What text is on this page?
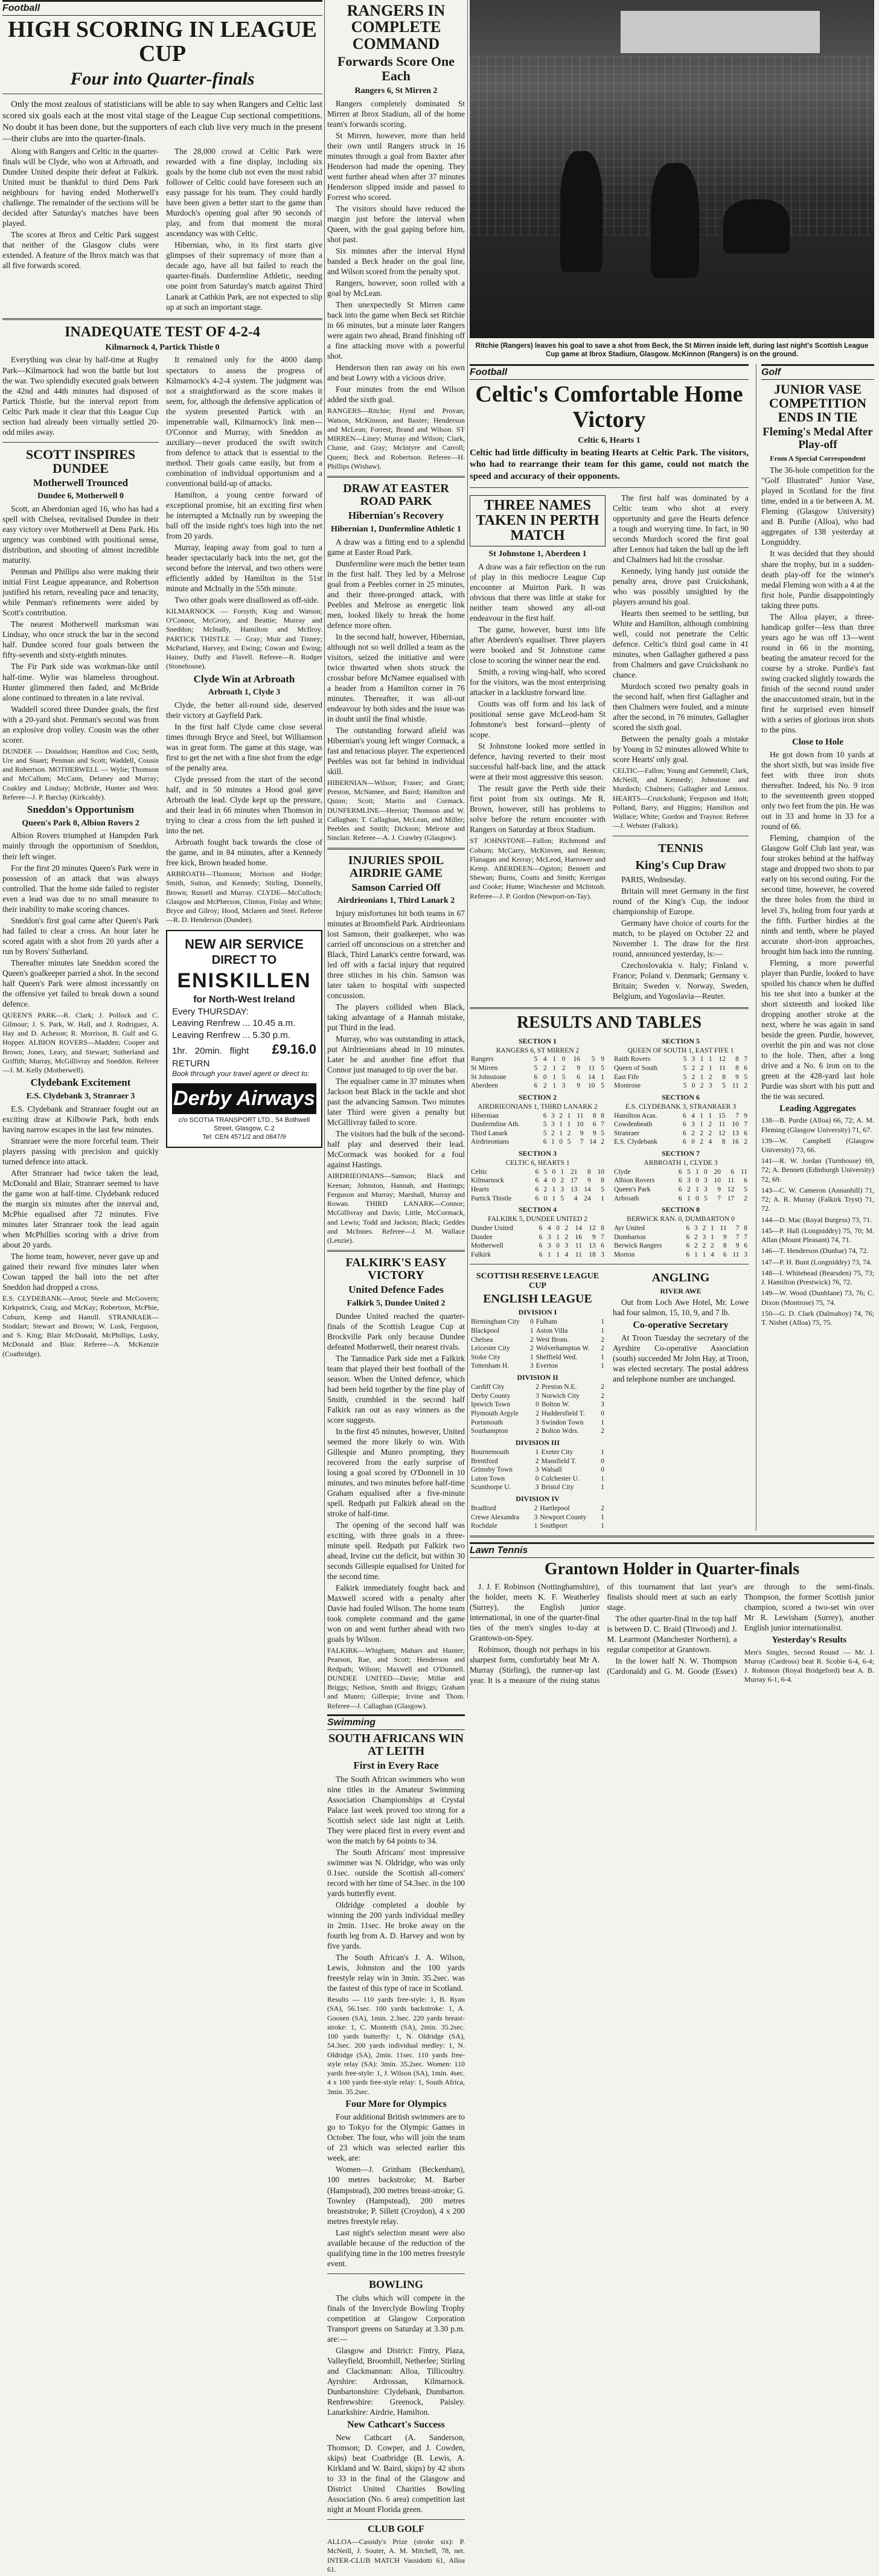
Football
HIGH SCORING IN LEAGUE CUP
Four into Quarter-finals

Only the most zealous of statisticians will be able to say when Rangers and Celtic last scored six goals each at the most vital stage of the League Cup sectional competitions. No doubt it has been done, but the supporters of each club live very much in the present—their clubs are into the quarter-finals.

Along with Rangers and Celtic in the quarter-finals will be Clyde, who won at Arbroath, and Dundee United despite their defeat at Falkirk. United must be thankful to third Dens Park neighbours for having ended Motherwell's challenge. The remainder of the sections will be decided after Saturday's matches have been played.

The scores at Ibrox and Celtic Park suggest that neither of the Glasgow clubs were extended. A feature of the Ibrox match was that all five forwards scored.

The 28,000 crowd at Celtic Park were rewarded with a fine display, including six goals by the home club not even the most rabid follower of Celtic could have foreseen such an easy passage for his team. They could hardly have been given a better start to the game than Murdoch's opening goal after 90 seconds of play, and from that moment the moral ascendancy was with Celtic.

Hibernian, who, in its first starts give glimpses of their supremacy of more than a decade ago, have all but failed to reach the quarter-finals. Dunfermline Athletic, needing one point from Saturday's match against Third Lanark at Cathkin Park, are not expected to slip up at such an important stage.

INADEQUATE TEST OF 4-2-4
Kilmarnock 4, Partick Thistle 0

Everything was clear by half-time at Rugby Park—Kilmarnock had won the battle but lost the war. Two splendidly executed goals between the 42nd and 44th minutes had disposed of Partick Thistle, but the interval report from Celtic Park made it clear that this League Cup section had already been virtually settled 20-odd miles away.

SCOTT INSPIRES DUNDEE
Motherwell Trounced
Dundee 6, Motherwell 0

Scott, an Aberdonian aged 16, who has had a spell with Chelsea, revitalised Dundee in their easy victory over Motherwell at Dens Park. His urgency was combined with positional sense, distribution, and shooting of almost incredible maturity.

Penman and Phillips also were making their initial First League appearance, and Robertson justified his return, revealing pace and tenacity, while Penman's refinements were aided by Scott's contribution.

The nearest Motherwell marksman was Lindsay, who once struck the bar in the second half. Dundee scored four goals between the fifty-seventh and sixty-eighth minutes.

The Fir Park side was workman-like until half-time. Wylie was blameless throughout. Hunter glimmered then faded, and McBride alone continued to threaten in a late revival.

Waddell scored three Dundee goals, the first with a 20-yard shot. Penman's second was from an explosive drop volley. Cousin was the other scorer.

DUNDEE — Donaldson; Hamilton and Cox; Seith, Ure and Stuart; Penman and Scott; Waddell, Cousin and Robertson. MOTHERWELL — Wylie; Thomson and McCallum; McCann, Delaney and Murray; Coakley and Lindsay; McBride, Hunter and Weir. Referee—J. P. Barclay (Kirkcaldy).

Sneddon's Opportunism
Queen's Park 0, Albion Rovers 2

Albion Rovers triumphed at Hampden Park mainly through the opportunism of Sneddon, their left winger.

For the first 20 minutes Queen's Park were in possession of an attack that was always controlled. That the home side failed to register even a lead was due to no small measure to their inability to make scoring chances.

Sneddon's first goal came after Queen's Park had failed to clear a cross. An hour later he scored again with a shot from 20 yards after a run by Rovers' Sutherland.

Thereafter minutes late Sneddon scored the Queen's goalkeeper parried a shot. In the second half Queen's Park were almost incessantly on the offensive yet failed to break down a sound defence.

QUEEN'S PARK—R. Clark; J. Pollock and C. Gilmour; J. S. Park, W. Hall, and J. Rodriguez, A. Hay and D. Acheson; R. Morrison, B. Gulf and G. Hopper. ALBION ROVERS—Madden; Cooper and Brown; Jones, Leary, and Stewart; Sutherland and Griffith; Murray, McGillivray and Sneddon. Referee—J. M. Kelly (Motherwell).

Clydebank Excitement
E.S. Clydebank 3, Stranraer 3

E.S. Clydebank and Stranraer fought out an exciting draw at Kilbowie Park, both ends having narrow escapes in the last few minutes.

Stranraer were the more forceful team. Their players passing with precision and quickly turned defence into attack.

After Stranraer had twice taken the lead, McDonald and Blair, Stranraer seemed to have the game won at half-time. Clydebank reduced the margin six minutes after the interval and, McPhie equalised after 72 minutes. Five minutes later Stranraer took the lead again when McPhillies scoring with a drive from about 20 yards.

The home team, however, never gave up and gained their reward five minutes later when Cowan tapped the ball into the net after Sneddon had dropped a cross.

E.S. CLYDEBANK—Arnot; Steele and McGovern; Kirkpatrick, Craig, and McKay; Robertson, McPhie, Coburn, Kemp and Hamill. STRANRAER—Stoddart; Stewart and Brown; W. Lusk, Ferguson, and S. King; Blair McDonald, McPhillips, Lusky, McDonald and Blair. Referee—A. McKenzie (Coatbridge).

It remained only for the 4000 damp spectators to assess the progress of Kilmarnock's 4-2-4 system. The judgment was not a straightforward as the score makes it seem, for, although the defensive application of the system presented Partick with an impenetrable wall, Kilmarnock's link men—O'Connor and Murray, with Sneddon as auxiliary—never produced the swift switch from defence to attack that is essential to the method. Their goals came easily, but from a combination of individual opportunism and a conventional build-up of attacks.

Hamilton, a young centre forward of exceptional promise, hit an exciting first when he interrupted a McInally run by sweeping the ball off the inside right's toes high into the net from 20 yards.

Murray, leaping away from goal to turn a header spectacularly back into the net, got the second before the interval, and two others were efficiently added by Hamilton in the 51st minute and McInally in the 55th minute.

Two other goals were disallowed as off-side.

KILMARNOCK — Forsyth; King and Watson; O'Connor, McGrory, and Beattie; Murray and Sneddon; McInally, Hamilton and McIlroy. PARTICK THISTLE — Gray; Muir and Tinney; McParland, Harvey, and Ewing; Cowan and Ewing; Hainey, Duffy and Flavell. Referee—R. Rodger (Stonehouse).

Clyde Win at Arbroath
Arbroath 1, Clyde 3

Clyde, the better all-round side, deserved their victory at Gayfield Park.

In the first half Clyde came close several times through Bryce and Steel, but Williamson was in great form. The game at this stage, was first to get the net with a fine shot from the edge of the penalty area.

Clyde pressed from the start of the second half, and in 50 minutes a Hood goal gave Arbroath the lead. Clyde kept up the pressure, and their lead in 66 minutes when Thomson in trying to clear a cross from the left pushed it into the net.

Arbroath fought back towards the close of the game, and in 84 minutes, after a Kennedy free kick, Brown headed home.

ARBROATH—Thomson; Morison and Hodge; Smith, Sutton, and Kennedy; Stirling, Donnelly, Brown; Russell and Murray. CLYDE—McCulloch; Glasgow and McPherson, Clinton, Finlay and White; Bryce and Gilroy; Hood, Mclaren and Steel. Referee—R. D. Henderson (Dundee).

NEW AIR SERVICE
DIRECT TO
ENISKILLEN
for North-West Ireland
Every THURSDAY:
Leaving Renfrew ... 10.45 a.m.
Leaving Renfrew ... 5.30 p.m.
1hr. 20min. flight £9.16.0 RETURN
Book through your travel agent or direct to:
Derby Airways
c/o SCOTIA TRANSPORT LTD., 54 Bothwell Street, Glasgow, C.2
Tel: CEN 4571/2 and 0847/9
RANGERS IN COMPLETE COMMAND
Forwards Score One Each
Rangers 6, St Mirren 2

Rangers completely dominated St Mirren at Ibrox Stadium, all of the home team's forwards scoring.

St Mirren, however, more than held their own until Rangers struck in 16 minutes through a goal from Baxter after Henderson had made the opening. They went further ahead when after 37 minutes Henderson slipped inside and passed to Forrest who scored.

The visitors should have reduced the margin just before the interval when Queen, with the goal gaping before him, shot past.

Six minutes after the interval Hynd banded a Beck header on the goal line, and Wilson scored from the penalty spot.

Rangers, however, soon rolled with a goal by McLean.

Then unexpectedly St Mirren came back into the game when Beck set Ritchie in 66 minutes, but a minute later Rangers were again two ahead, Brand finishing off a fine attacking move with a powerful shot.

Henderson then ran away on his own and beat Lowry with a vicious drive.

Four minutes from the end Wilson added the sixth goal.

RANGERS—Ritchie; Hynd and Provan; Watson, McKinnon, and Baxter; Henderson and McLean; Forrest; Brand and Wilson. ST MIRREN—Liney; Murray and Wilson; Clark, Clunie, and Gray; McIntyre and Carroll; Queen; Beck and Robertson. Referee—H. Phillips (Wishaw).

DRAW AT EASTER ROAD PARK
Hibernian's Recovery
Hibernian 1, Dunfermline Athletic 1

A draw was a fitting end to a splendid game at Easter Road Park.

Dunfermline were much the better team in the first half. They led by a Melrose goal from a Peebles corner in 25 minutes, and their three-pronged attack, with Peebles and Melrose as energetic link men, looked likely to break the home defence more often.

In the second half, however, Hibernian, although not so well drilled a team as the visitors, seized the initiative and were twice thwarted when shots struck the crossbar before McNamee equalised with a header from a Hamilton corner in 76 minutes. Thereafter, it was all-out endeavour by both sides and the issue was in doubt until the final whistle.

The outstanding forward afield was Hibernian's young left winger Cormack, a fast and tenacious player. The experienced Peebles was not far behind in individual skill.

HIBERNIAN—Wilson; Fraser; and Grant; Preston, McNamee, and Baird; Hamilton and Quinn; Scott; Martin and Cormack. DUNFERMLINE—Herriot; Thomson and W. Callaghan; T. Callaghan, McLean, and Miller; Peebles and Smith; Dickson; Melrose and Sinclair. Referee—A. J. Crawley (Glasgow).

INJURIES SPOIL AIRDRIE GAME
Samson Carried Off
Airdrieonians 1, Third Lanark 2

Injury misfortunes hit both teams in 67 minutes at Broomfield Park. Airdrieonians lost Samson, their goalkeeper, who was carried off unconscious on a stretcher and Black, Third Lanark's centre forward, was led off with a facial injury that required three stitches in his chin. Samson was later taken to hospital with suspected concussion.

The players collided when Black, taking advantage of a Hannah mistake, put Third in the lead.

Murray, who was outstanding in attack, put Airdrieonians ahead in 10 minutes. Later he and another fine effort that Connor just managed to tip over the bar.

The equaliser came in 37 minutes when Jackson beat Black in the tackle and shot past the advancing Samson. Two minutes later Third were given a penalty but McGillivray failed to score.

The visitors had the bulk of the second-half play and deserved their lead. McCormack was booked for a foul against Hastings.

AIRDRIEONIANS—Samson; Black and Keenan; Johnston, Hannah, and Hastings; Ferguson and Murray; Marshall, Murray and Rowan. THIRD LANARK—Connor; McGillivray and Davis; Little, McCormack, and Lewis; Todd and Jackson; Black; Geddes and McInnes. Referee—J. M. Wallace (Lenzie).

FALKIRK'S EASY VICTORY
United Defence Fades
Falkirk 5, Dundee United 2

Dundee United reached the quarter-finals of the Scottish League Cup at Brockville Park only because Dundee defeated Motherwell, their nearest rivals.

The Tannadice Park side met a Falkirk team that played their best football of the season. When the United defence, which had been held together by the fine play of Smith, crumbled in the second half Falkirk ran out as easy winners as the score suggests.

In the first 45 minutes, however, United seemed the more likely to win. With Gillespie and Munro prompting, they recovered from the early surprise of losing a goal scored by O'Donnell in 10 minutes, and two minutes before half-time Graham equalised after a five-minute spell. Redpath put Falkirk ahead on the stroke of half-time.

The opening of the second half was exciting, with three goals in a three-minute spell. Redpath put Falkirk two ahead, Irvine cut the deficit, but within 30 seconds Gillespie equalised for United for the second time.

Falkirk immediately fought back and Maxwell scored with a penalty after Davie had fouled Wilson. The home team took complete command and the game won on and went further ahead with two goals by Wilson.

FALKIRK—Whigham; Mahars and Hunter; Pearson, Rae, and Scott; Henderson and Redpath; Wilson; Maxwell and O'Donnell. DUNDEE UNITED—Davie; Millar and Briggs; Neilson, Smith and Briggs; Graham and Munro; Gillespie; Irvine and Thom. Referee—J. Callaghan (Glasgow).

Swimming
SOUTH AFRICANS WIN AT LEITH
First in Every Race

The South African swimmers who won nine titles in the Amateur Swimming Association Championships at Crystal Palace last week proved too strong for a Scottish select side last night at Leith. They were placed first in every event and won the match by 64 points to 34.

The South Africans' most impressive swimmer was N. Oldridge, who was only 0.1sec. outside the Scottish all-comers' record with her time of 54.3sec. in the 100 yards butterfly event.

Oldridge completed a double by winning the 200 yards individual medley in 2min. 11sec. He broke away on the fourth leg from A. D. Harvey and won by five yards.

The South African's J. A. Wilson, Lewis, Johnston and the 100 yards freestyle relay win in 3min. 35.2sec. was the fastest of this type of race in Scotland.

Results — 110 yards free-style: 1, B. Ryan (SA), 56.1sec. 100 yards backstroke: 1, A. Goosen (SA), 1min. 2.3sec. 220 yards breast-stroke: 1, C. Monteith (SA), 2min. 35.2sec. 100 yards butterfly: 1, N. Oldridge (SA), 54.3sec. 200 yards individual medley: 1, N. Oldridge (SA), 2min. 11sec. 110 yards free-style relay (SA): 3min. 35.2sec. Women: 110 yards free-style: 1, J. Wilson (SA), 1min. 4sec. 4 x 100 yards free-style relay: 1, South Africa, 3min. 35.2sec.

Four More for Olympics

Four additional British swimmers are to go to Tokyo for the Olympic Games in October. The four, who will join the team of 23 which was selected earlier this week, are:

Women—J. Grinham (Beckenham), 100 metres backstroke; M. Barber (Hampstead), 200 metres breast-stroke; G. Townley (Hampstead), 200 metres breaststroke; P. Sillett (Croydon), 4 x 200 metres freestyle relay.

Last night's selection meant were also available because of the reduction of the qualifying time in the 100 metres freestyle event.

BOWLING

The clubs which will compete in the finals of the Inverclyde Bowling Trophy competition at Glasgow Corporation Transport greens on Saturday at 3.30 p.m. are:—

Glasgow and District: Fintry, Plaza, Valleyfield, Broomhill, Netherlee; Stirling and Clackmannan: Alloa, Tillicoultry. Ayrshire: Ardrossan, Kilmarnock. Dunbartonshire: Clydebank, Dumbarton. Renfrewshire: Greenock, Paisley. Lanarkshire: Airdrie, Hamilton.

New Cathcart's Success

New Cathcart (A. Sanderson, Thomson; D. Cowper, and J. Cowden, skips) beat Coatbridge (B. Lewis, A. Kirkland and W. Baird, skips) by 42 shots to 33 in the final of the Glasgow and District United Charities Bowling Association (No. 6 area) competition last night at Mount Florida green.

CLUB GOLF

ALLOA—Cassidy's Prize (stroke six): P. McNeill, J. Souter, A. M. Mitchell, 78, net. INTER-CLUB MATCH Vassidotti 61, Alloa 61.

Ritchie (Rangers) leaves his goal to save a shot from Beck, the St Mirren inside left, during last night's Scottish League Cup game at Ibrox Stadium, Glasgow. McKinnon (Rangers) is on the ground.
Football
Celtic's Comfortable Home Victory
Celtic 6, Hearts 1

Celtic had little difficulty in beating Hearts at Celtic Park. The visitors, who had to rearrange their team for this game, could not match the speed and accuracy of their opponents.

THREE NAMES TAKEN IN PERTH MATCH
St Johnstone 1, Aberdeen 1

A draw was a fair reflection on the run of play in this mediocre League Cup encounter at Muirton Park. It was obvious that there was little at stake for neither team showed any all-out endeavour in the first half.

The game, however, burst into life after Aberdeen's equaliser. Three players were booked and St Johnstone came close to scoring the winner near the end.

Smith, a roving wing-half, who scored for the visitors, was the most enterprising attacker in a lacklustre forward line.

Coutts was off form and his lack of positional sense gave McLeod-ham St Johnstone's best forward—plenty of scope.

St Johnstone looked more settled in defence, having reverted to their most successful half-back line, and the attack were at their most aggressive this season.

The result gave the Perth side their first point from six outings. Mr R. Brown, however, still has problems to solve before the return encounter with Rangers on Saturday at Ibrox Stadium.

ST JOHNSTONE—Fallon; Richmond and Coburn; McCarry, McKinven, and Renton; Flanagan and Kerray; McLeod, Harrower and Kemp. ABERDEEN—Ogston; Bennett and Shewan; Burns, Coutts and Smith; Kerrigan and Cooke; Hume; Winchester and McIntosh. Referee—J. P. Gordon (Newport-on-Tay).

The first half was dominated by a Celtic team who shot at every opportunity and gave the Hearts defence a tough and worrying time. In fact, in 90 seconds Murdoch scored the first goal after Lennox had taken the ball up the left and Chalmers had hit the crossbar.

Kennedy, lying handy just outside the penalty area, drove past Cruickshank, who was possibly unsighted by the players around his goal.

Hearts then seemed to be settling, but White and Hamilton, although combining well, could not penetrate the Celtic defence. Celtic's third goal came in 41 minutes, when Gallagher gathered a pass from Chalmers and gave Cruickshank no chance.

Murdoch scored two penalty goals in the second half, when first Gallagher and then Chalmers were fouled, and a minute after the second, in 76 minutes, Gallagher scored the sixth goal.

Between the penalty goals a mistake by Young in 52 minutes allowed White to score Hearts' only goal.

CELTIC—Fallon; Young and Gemmell; Clark, McNeill, and Kennedy; Johnstone and Murdoch; Chalmers; Gallagher and Lennox. HEARTS—Cruickshank; Ferguson and Holt; Polland, Barry, and Higgins; Hamilton and Wallace; White; Gordon and Traynor. Referee—J. Webster (Falkirk).

TENNIS
King's Cup Draw

PARIS, Wednesday.

Britain will meet Germany in the first round of the King's Cup, the indoor championship of Europe.

Germany have choice of courts for the match, to be played on October 22 and November 1. The draw for the first round, announced yesterday, is:—

Czechoslovakia v. Italy; Finland v. France; Poland v. Denmark; Germany v. Britain; Sweden v. Norway, Sweden, Belgium, and Yugoslavia—Reuter.

RESULTS AND TABLES
SECTION 1
RANGERS 6, ST MIRREN 2
Rangers	5	4	1	0	16	5	9
St Mirren	5	2	1	2	9	11	5
St Johnstone	6	0	1	5	6	14	1
Aberdeen	6	2	1	3	9	10	5
SECTION 2
AIRDRIEONIANS 1, THIRD LANARK 2
Hibernian	6	3	2	1	11	8	8
Dunfermline Ath.	5	3	1	1	10	6	7
Third Lanark	5	2	1	2	9	9	5
Airdrieonians	6	1	0	5	7	14	2
SECTION 3
CELTIC 6, HEARTS 1
Celtic	6	5	0	1	21	8	10
Kilmarnock	6	4	0	2	17	9	8
Hearts	6	2	1	3	13	14	5
Partick Thistle	6	0	1	5	4	24	1
SECTION 4
FALKIRK 5, DUNDEE UNITED 2
Dundee United	6	4	0	2	14	12	8
Dundee	6	3	1	2	16	9	7
Motherwell	6	3	0	3	11	13	6
Falkirk	6	1	1	4	11	18	3
SECTION 5
QUEEN OF SOUTH 1, EAST FIFE 1
Raith Rovers	5	3	1	1	12	8	7
Queen of South	5	2	2	1	11	8	6
East Fife	5	2	1	2	8	9	5
Montrose	5	0	2	3	5	11	2
SECTION 6
E.S. CLYDEBANK 3, STRANRAER 3
Hamilton Acas.	6	4	1	1	15	7	9
Cowdenbeath	6	3	1	2	11	10	7
Stranraer	6	2	2	2	12	13	6
E.S. Clydebank	6	0	2	4	8	16	2
SECTION 7
ARBROATH 1, CLYDE 3
Clyde	6	5	1	0	20	6	11
Albion Rovers	6	3	0	3	10	11	6
Queen's Park	6	2	1	3	9	12	5
Arbroath	6	1	0	5	7	17	2
SECTION 8
BERWICK RAN. 0, DUMBARTON 0
Ayr United	6	3	2	1	11	7	8
Dumbarton	6	2	3	1	9	7	7
Berwick Rangers	6	2	2	2	8	9	6
Morton	6	1	1	4	6	11	3
SCOTTISH RESERVE LEAGUE CUP
ENGLISH LEAGUE
DIVISION I
Birmingham City	0	Fulham	1
Blackpool	1	Aston Villa	1
Chelsea	2	West Brom.	2
Leicester City	2	Wolverhampton W.	2
Stoke City	1	Sheffield Wed.	1
Tottenham H.	3	Everton	1
DIVISION II
Cardiff City	2	Preston N.E.	2
Derby County	3	Norwich City	2
Ipswich Town	0	Bolton W.	3
Plymouth Argyle	2	Huddersfield T.	0
Portsmouth	3	Swindon Town	1
Southampton	2	Bolton Wdrs.	2
DIVISION III
Bournemouth	1	Exeter City	1
Brentford	2	Mansfield T.	0
Grimsby Town	3	Walsall	0
Luton Town	0	Colchester U.	1
Scunthorpe U.	3	Bristol City	1
DIVISION IV
Bradford	2	Hartlepool	2
Crewe Alexandra	3	Newport County	1
Rochdale	1	Southport	1
ANGLING
RIVER AWE

Out from Loch Awe Hotel, Mr. Lowe had four salmon, 15, 10, 9, and 7 lb.

Co-operative Secretary

At Troon Tuesday the secretary of the Ayrshire Co-operative Association (south) succeeded Mr John Hay, at Troon, was elected secretary. The postal address and telephone number are unchanged.

Golf
JUNIOR VASE COMPETITION ENDS IN TIE
Fleming's Medal After Play-off
From A Special Correspondent

The 36-hole competition for the "Golf Illustrated" Junior Vase, played in Scotland for the first time, ended in a tie between A. M. Fleming (Glasgow University) and B. Purdie (Alloa), who had aggregates of 138 yesterday at Longniddry.

It was decided that they should share the trophy, but in a sudden-death play-off for the winner's medal Fleming won with a 4 at the first hole, Purdie disappointingly taking three putts.

The Alloa player, a three-handicap golfer—less than three years ago he was off 13—went round in 66 in the morning, beating the amateur record for the course by a stroke. Purdie's fast swing cracked slightly towards the finish of the second round under the unaccustomed strain, but in the first he surprised even himself with a series of glorious iron shots to the pins.

Close to Hole

He got down from 10 yards at the short sixth, but was inside five feet with three iron shots thereafter. Indeed, his No. 9 iron to the seventeenth green stopped only two feet from the pin. He was out in 33 and home in 33 for a round of 66.

Fleming, champion of the Glasgow Golf Club last year, was four strokes behind at the halfway stage and dropped two shots to par early on his second outing. For the second time, however, he covered the three holes from the third in level 3's, holing from four yards at the fifth. Further birdies at the ninth and tenth, where he played accurate short-iron approaches, brought him back into the running.

Fleming, a more powerful player than Purdie, looked to have spoiled his chance when he duffed his tee shot into a bunker at the short sixteenth and looked like dropping another stroke at the next, where he was again in sand beside the green. Purdie, however, overhit the pin and was not close to the hole. Then, after a long drive and a No. 6 iron on to the green at the 428-yard last hole Purdie was short with his putt and the tie was secured.

Leading Aggregates

138—B. Purdie (Alloa) 66, 72; A. M. Fleming (Glasgow University) 71, 67.

139—W. Campbell (Glasgow University) 73, 66.

141—R. W. Jordan (Turnhouse) 69, 72; A. Bennett (Edinburgh University) 72, 69.

143—C. W. Cameron (Annanhill) 71, 72; A. R. Murray (Falkirk Tryst) 71, 72.

144—D. Mac (Royal Burgess) 73, 71.

145—P. Hall (Longniddry) 75, 70; M. Allan (Mount Pleasant) 74, 71.

146—T. Henderson (Dunbar) 74, 72.

147—P. H. Bunt (Longniddry) 73, 74.

148—I. Whitehead (Bearsden) 75, 73; J. Hamilton (Prestwick) 76, 72.

149—W. Wood (Dunblane) 73, 76; C. Dixon (Montrose) 75, 74.

150—G. D. Clark (Dalmahoy) 74, 76; T. Nisbet (Alloa) 75, 75.

Lawn Tennis
Grantown Holder in Quarter-finals

J. J. F. Robinson (Nottinghamshire), the holder, meets K. F. Weatherley (Surrey), the English junior international, in one of the quarter-final ties of the men's singles to-day at Grantown-on-Spey.

Robinson, though not perhaps in his sharpest form, comfortably beat Mr A. Murray (Stirling), the runner-up last year. It is a measure of the rising status of this tournament that last year's finalists should meet at such an early stage.

The other quarter-final in the top half is between D. C. Braid (Titwood) and J. M. Learmont (Manchester Northern), a regular competitor at Grantown.

In the lower half N. W. Thompson (Cardonald) and G. M. Goode (Essex) are through to the semi-finals. Thompson, the former Scottish junior champion, scored a two-set win over Mr R. Lewisham (Surrey), another English junior internationalist.

Yesterday's Results

Men's Singles, Second Round — Mr. J. Murray (Cardross) beat R. Scobie 6-4, 6-4; J. Robinson (Royal Bridgeford) beat A. B. Murray 6-1, 6-4.
